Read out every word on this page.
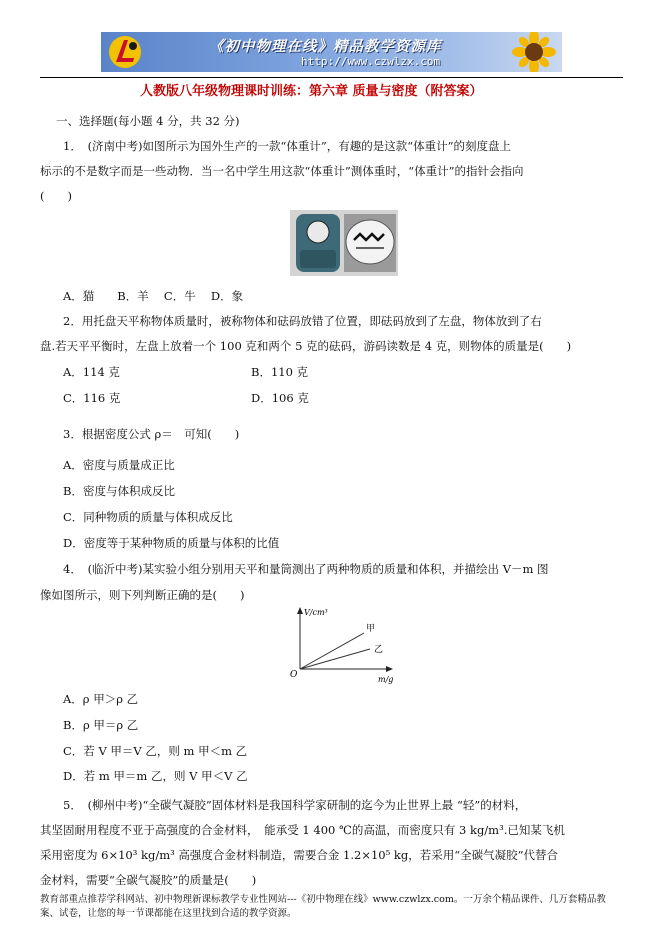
《初中物理在线》精品教学资源库
http://www.czwlzx.com
人教版八年级物理课时训练：第六章 质量与密度（附答案）
一、选择题(每小题 4 分，共 32 分)
1．　(济南中考)如图所示为国外生产的一款“体重计”，有趣的是这款“体重计”的刻度盘上
标示的不是数字而是一些动物．当一名中学生用这款“体重计”测体重时，“体重计”的指针会指向
(　　)
A．猫　　B．羊　 C．牛　 D．象
2．用托盘天平称物体质量时，被称物体和砝码放错了位置，即砝码放到了左盘，物体放到了右
盘.若天平平衡时，左盘上放着一个 100 克和两个 5 克的砝码，游码读数是 4 克，则物体的质量是(　　)
A．114 克	B．110 克
C．116 克	D．106 克
3．根据密度公式 ρ＝　可知(　　)
A．密度与质量成正比
B．密度与体积成反比
C．同种物质的质量与体积成反比
D．密度等于某种物质的质量与体积的比值
4．　(临沂中考)某实验小组分别用天平和量筒测出了两种物质的质量和体积，并描绘出 V－m 图
像如图所示，则下列判断正确的是(　　)
V/cm³
甲
乙
O	m/g
A．ρ 甲＞ρ 乙
B．ρ 甲＝ρ 乙
C．若 V 甲＝V 乙，则 m 甲＜m 乙
D．若 m 甲＝m 乙，则 V 甲＜V 乙
5．　(柳州中考)“全碳气凝胶”固体材料是我国科学家研制的迄今为止世界上最 “轻”的材料，
其坚固耐用程度不亚于高强度的合金材料，　能承受 1 400 ℃的高温，而密度只有 3 kg/m³.已知某飞机
采用密度为 6×10³ kg/m³ 高强度合金材料制造，需要合金 1.2×10⁵ kg，若采用“全碳气凝胶”代替合
金材料，需要“全碳气凝胶”的质量是(　　)
教育部重点推荐学科网站、初中物理新课标教学专业性网站---《初中物理在线》www.czwlzx.com。一万余个精品课件、几万套精品教
案、试卷，让您的每一节课都能在这里找到合适的教学资源。
